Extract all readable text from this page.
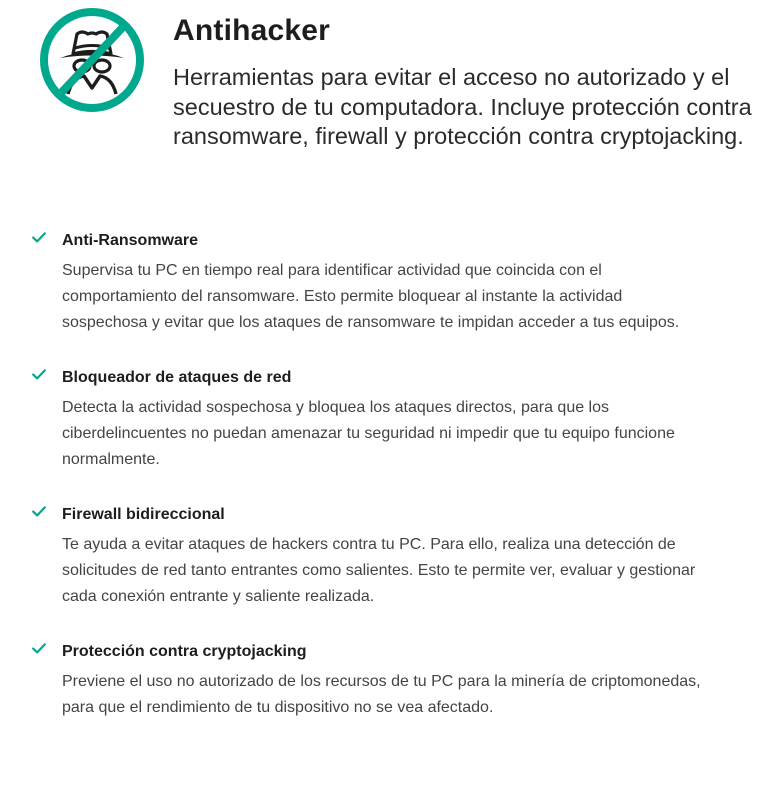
Antihacker

Herramientas para evitar el acceso no autorizado y el secuestro de tu computadora. Incluye protección contra ransomware, firewall y protección contra cryptojacking.

Anti-Ransomware

Supervisa tu PC en tiempo real para identificar actividad que coincida con el comportamiento del ransomware. Esto permite bloquear al instante la actividad sospechosa y evitar que los ataques de ransomware te impidan acceder a tus equipos.

Bloqueador de ataques de red

Detecta la actividad sospechosa y bloquea los ataques directos, para que los ciberdelincuentes no puedan amenazar tu seguridad ni impedir que tu equipo funcione normalmente.

Firewall bidireccional

Te ayuda a evitar ataques de hackers contra tu PC. Para ello, realiza una detección de solicitudes de red tanto entrantes como salientes. Esto te permite ver, evaluar y gestionar cada conexión entrante y saliente realizada.

Protección contra cryptojacking

Previene el uso no autorizado de los recursos de tu PC para la minería de criptomonedas, para que el rendimiento de tu dispositivo no se vea afectado.
